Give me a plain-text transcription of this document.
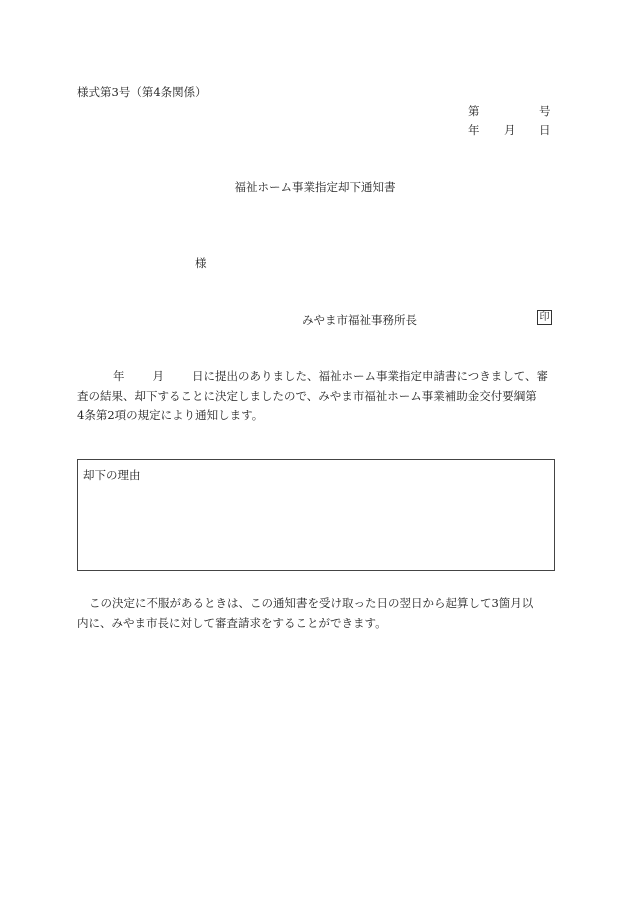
様式第3号（第4条関係）

第	号
年 月 日

福祉ホーム事業指定却下通知書

様

みやま市福祉事務所長	印
年 月 日に提出のありました、福祉ホーム事業指定申請書につきまして、審
査の結果、却下することに決定しましたので、みやま市福祉ホーム事業補助金交付要綱第
4条第2項の規定により通知します。
却下の理由
この決定に不服があるときは、この通知書を受け取った日の翌日から起算して3箇月以
内に、みやま市長に対して審査請求をすることができます。
